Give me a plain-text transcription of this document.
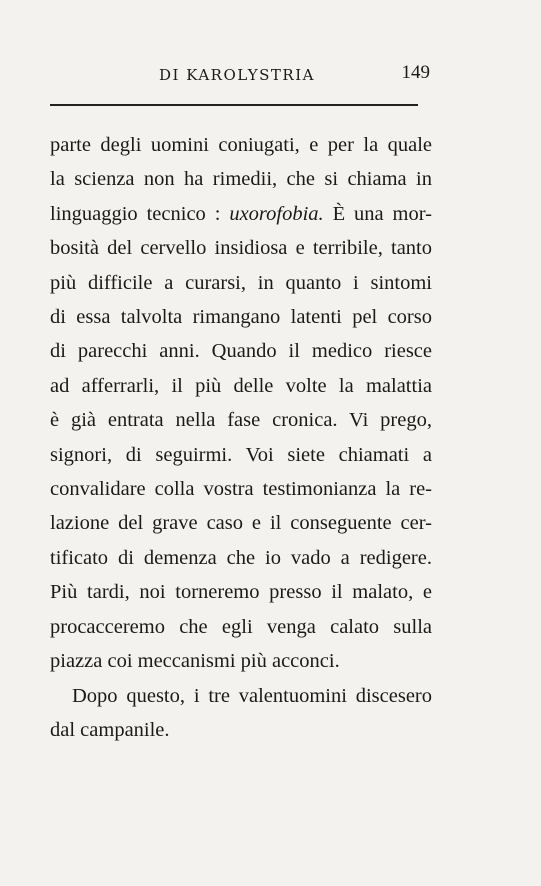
DI KAROLYSTRIA	149
parte degli uomini coniugati, e per la quale
la scienza non ha rimedii, che si chiama in
linguaggio tecnico : uxorofobia. È una mor-
bosità del cervello insidiosa e terribile, tanto
più difficile a curarsi, in quanto i sintomi
di essa talvolta rimangano latenti pel corso
di parecchi anni. Quando il medico riesce
ad afferrarli, il più delle volte la malattia
è già entrata nella fase cronica. Vi prego,
signori, di seguirmi. Voi siete chiamati a
convalidare colla vostra testimonianza la re-
lazione del grave caso e il conseguente cer-
tificato di demenza che io vado a redigere.
Più tardi, noi torneremo presso il malato, e
procacceremo che egli venga calato sulla
piazza coi meccanismi più acconci.
Dopo questo, i tre valentuomini discesero
dal campanile.
